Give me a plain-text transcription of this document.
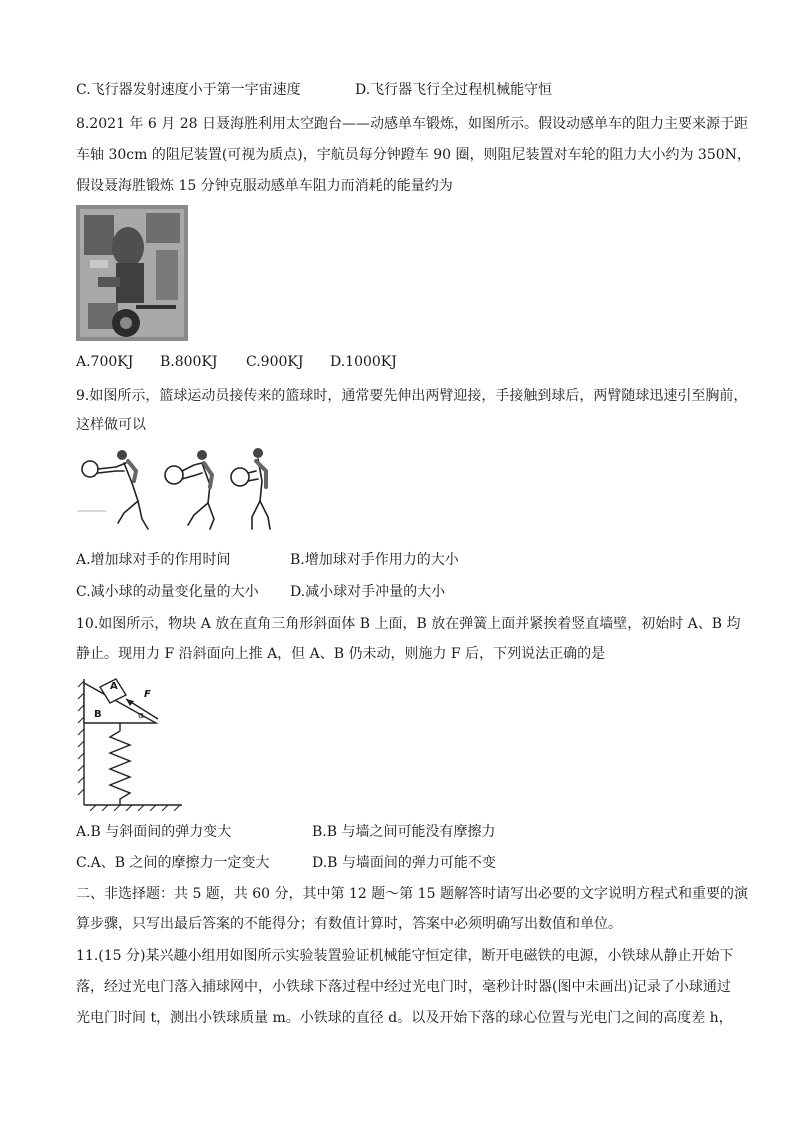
C.飞行器发射速度小于第一宇宙速度	D.飞行器飞行全过程机械能守恒
8.2021 年 6 月 28 日聂海胜利用太空跑台——动感单车锻炼，如图所示。假设动感单车的阻力主要来源于距
车轴 30cm 的阻尼装置(可视为质点)，宇航员每分钟蹬车 90 圈，则阻尼装置对车轮的阻力大小约为 350N，
假设聂海胜锻炼 15 分钟克服动感单车阻力而消耗的能量约为
A.700KJ B.800KJ C.900KJ D.1000KJ
9.如图所示，篮球运动员接传来的篮球时，通常要先伸出两臂迎接，手接触到球后，两臂随球迅速引至胸前，
这样做可以
A.增加球对手的作用时间	B.增加球对手作用力的大小
C.减小球的动量变化量的大小 D.减小球对手冲量的大小
10.如图所示，物块 A 放在直角三角形斜面体 B 上面，B 放在弹簧上面并紧挨着竖直墙壁，初始时 A、B 均
静止。现用力 F 沿斜面向上推 A，但 A、B 仍未动，则施力 F 后，下列说法正确的是
A
B
F
α
A.B 与斜面间的弹力变大	B.B 与墙之间可能没有摩擦力
C.A、B 之间的摩擦力一定变大	D.B 与墙面间的弹力可能不变
二、非选择题：共 5 题，共 60 分，其中第 12 题～第 15 题解答时请写出必要的文字说明方程式和重要的演
算步骤，只写出最后答案的不能得分；有数值计算时，答案中必须明确写出数值和单位。
11.(15 分)某兴趣小组用如图所示实验装置验证机械能守恒定律，断开电磁铁的电源，小铁球从静止开始下
落，经过光电门落入捕球网中，小铁球下落过程中经过光电门时，毫秒计时器(图中未画出)记录了小球通过
光电门时间 t，测出小铁球质量 m。小铁球的直径 d。以及开始下落的球心位置与光电门之间的高度差 h，
